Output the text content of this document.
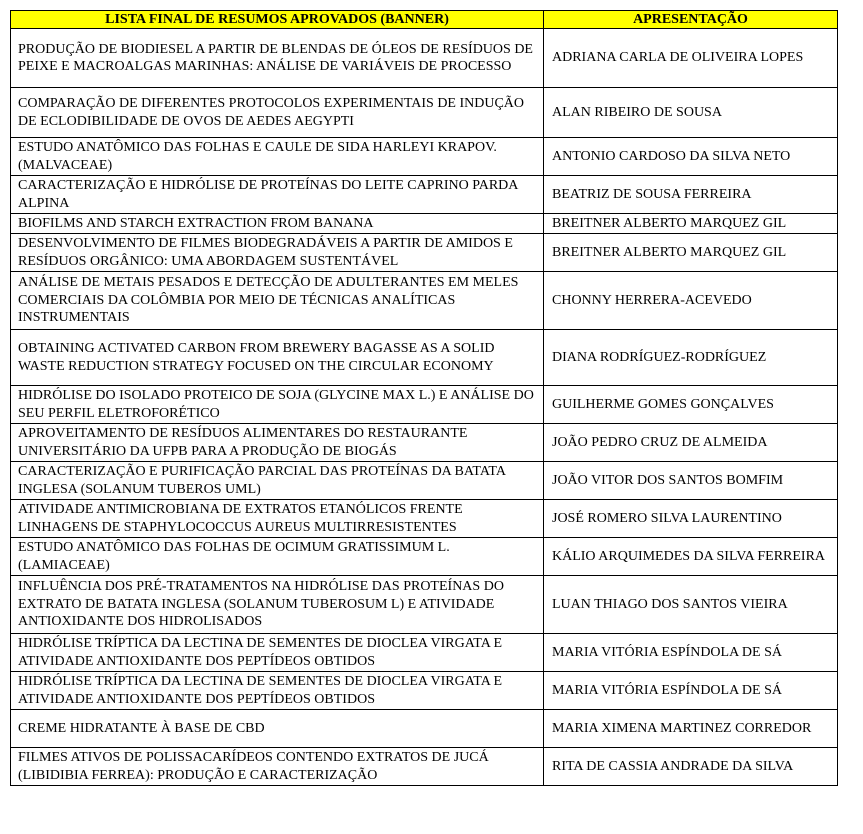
LISTA FINAL DE RESUMOS APROVADOS (BANNER)	APRESENTAÇÃO
PRODUÇÃO DE BIODIESEL A PARTIR DE BLENDAS DE ÓLEOS DE RESÍDUOS DE PEIXE E MACROALGAS MARINHAS: ANÁLISE DE VARIÁVEIS DE PROCESSO	ADRIANA CARLA DE OLIVEIRA LOPES
COMPARAÇÃO DE DIFERENTES PROTOCOLOS EXPERIMENTAIS DE INDUÇÃO DE ECLODIBILIDADE DE OVOS DE AEDES AEGYPTI	ALAN RIBEIRO DE SOUSA
ESTUDO ANATÔMICO DAS FOLHAS E CAULE DE SIDA HARLEYI KRAPOV. (MALVACEAE)	ANTONIO CARDOSO DA SILVA NETO
CARACTERIZAÇÃO E HIDRÓLISE DE PROTEÍNAS DO LEITE CAPRINO PARDA ALPINA	BEATRIZ DE SOUSA FERREIRA
BIOFILMS AND STARCH EXTRACTION FROM BANANA	BREITNER ALBERTO MARQUEZ GIL
DESENVOLVIMENTO DE FILMES BIODEGRADÁVEIS A PARTIR DE AMIDOS E RESÍDUOS ORGÂNICO: UMA ABORDAGEM SUSTENTÁVEL	BREITNER ALBERTO MARQUEZ GIL
ANÁLISE DE METAIS PESADOS E DETECÇÃO DE ADULTERANTES EM MELES COMERCIAIS DA COLÔMBIA POR MEIO DE TÉCNICAS ANALÍTICAS INSTRUMENTAIS	CHONNY HERRERA-ACEVEDO
OBTAINING ACTIVATED CARBON FROM BREWERY BAGASSE AS A SOLID WASTE REDUCTION STRATEGY FOCUSED ON THE CIRCULAR ECONOMY	DIANA RODRÍGUEZ-RODRÍGUEZ
HIDRÓLISE DO ISOLADO PROTEICO DE SOJA (GLYCINE MAX L.) E ANÁLISE DO SEU PERFIL ELETROFORÉTICO	GUILHERME GOMES GONÇALVES
APROVEITAMENTO DE RESÍDUOS ALIMENTARES DO RESTAURANTE UNIVERSITÁRIO DA UFPB PARA A PRODUÇÃO DE BIOGÁS	JOÃO PEDRO CRUZ DE ALMEIDA
CARACTERIZAÇÃO E PURIFICAÇÃO PARCIAL DAS PROTEÍNAS DA BATATA INGLESA (SOLANUM TUBEROS UML)	JOÃO VITOR DOS SANTOS BOMFIM
ATIVIDADE ANTIMICROBIANA DE EXTRATOS ETANÓLICOS FRENTE LINHAGENS DE STAPHYLOCOCCUS AUREUS MULTIRRESISTENTES	JOSÉ ROMERO SILVA LAURENTINO
ESTUDO ANATÔMICO DAS FOLHAS DE OCIMUM GRATISSIMUM L. (LAMIACEAE)	KÁLIO ARQUIMEDES DA SILVA FERREIRA
INFLUÊNCIA DOS PRÉ-TRATAMENTOS NA HIDRÓLISE DAS PROTEÍNAS DO EXTRATO DE BATATA INGLESA (SOLANUM TUBEROSUM L) E ATIVIDADE ANTIOXIDANTE DOS HIDROLISADOS	LUAN THIAGO DOS SANTOS VIEIRA
HIDRÓLISE TRÍPTICA DA LECTINA DE SEMENTES DE DIOCLEA VIRGATA E ATIVIDADE ANTIOXIDANTE DOS PEPTÍDEOS OBTIDOS	MARIA VITÓRIA ESPÍNDOLA DE SÁ
HIDRÓLISE TRÍPTICA DA LECTINA DE SEMENTES DE DIOCLEA VIRGATA E ATIVIDADE ANTIOXIDANTE DOS PEPTÍDEOS OBTIDOS	MARIA VITÓRIA ESPÍNDOLA DE SÁ
CREME HIDRATANTE À BASE DE CBD	MARIA XIMENA MARTINEZ CORREDOR
FILMES ATIVOS DE POLISSACARÍDEOS CONTENDO EXTRATOS DE JUCÁ (LIBIDIBIA FERREA): PRODUÇÃO E CARACTERIZAÇÃO	RITA DE CASSIA ANDRADE DA SILVA
